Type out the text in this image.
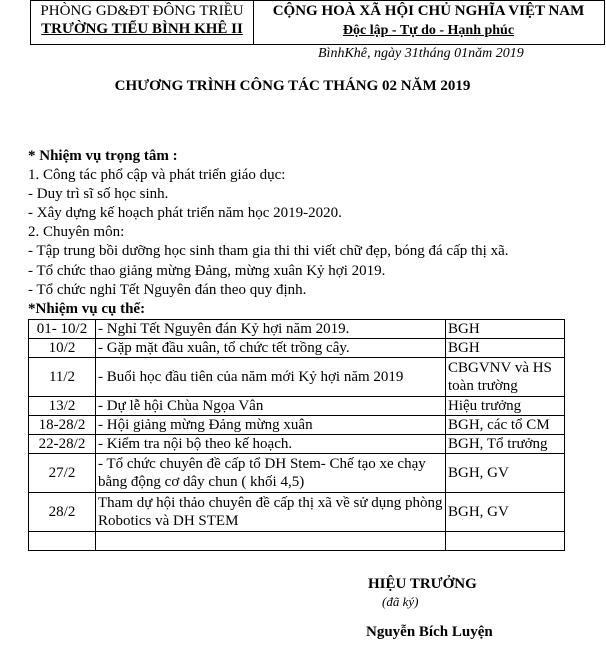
PHÒNG GD&ĐT ĐÔNG TRIỀU
TRƯỜNG TIỂU BÌNH KHÊ II
CỘNG HOÀ XÃ HỘI CHỦ NGHĨA VIỆT NAM
Độc lập - Tự do - Hạnh phúc
BìnhKhê, ngày 31tháng 01năm 2019
CHƯƠNG TRÌNH CÔNG TÁC THÁNG 02 NĂM 2019
* Nhiệm vụ trọng tâm :
1. Công tác phổ cập và phát triển giáo dục:
- Duy trì sĩ số học sinh.
- Xây dựng kế hoạch phát triển năm học 2019-2020.
2. Chuyên môn:
- Tập trung bồi dưỡng học sinh tham gia thi thi viết chữ đẹp, bóng đá cấp thị xã.
- Tổ chức thao giảng mừng Đảng, mừng xuân Kỷ hợi 2019.
- Tổ chức nghỉ Tết Nguyên đán theo quy định.
*Nhiệm vụ cụ thể:
01- 10/2	- Nghỉ Tết Nguyên đán Kỷ hợi năm 2019.	BGH
10/2	- Gặp mặt đầu xuân, tổ chức tết trồng cây.	BGH
11/2	- Buổi học đầu tiên của năm mới Kỷ hợi năm 2019	CBGVNV và HS toàn trường
13/2	- Dự lễ hội Chùa Ngọa Vân	Hiệu trưởng
18-28/2	- Hội giảng mừng Đảng mừng xuân	BGH, các tổ CM
22-28/2	- Kiểm tra nội bộ theo kế hoạch.	BGH, Tổ trưởng
27/2	- Tổ chức chuyên đề cấp tổ DH Stem- Chế tạo xe chạy bằng động cơ dây chun ( khối 4,5)	BGH, GV
28/2	Tham dự hội thảo chuyên đề cấp thị xã về sử dụng phòng Robotics và DH STEM	BGH, GV

HIỆU TRƯỞNG
(đã ký)
Nguyễn Bích Luyện
